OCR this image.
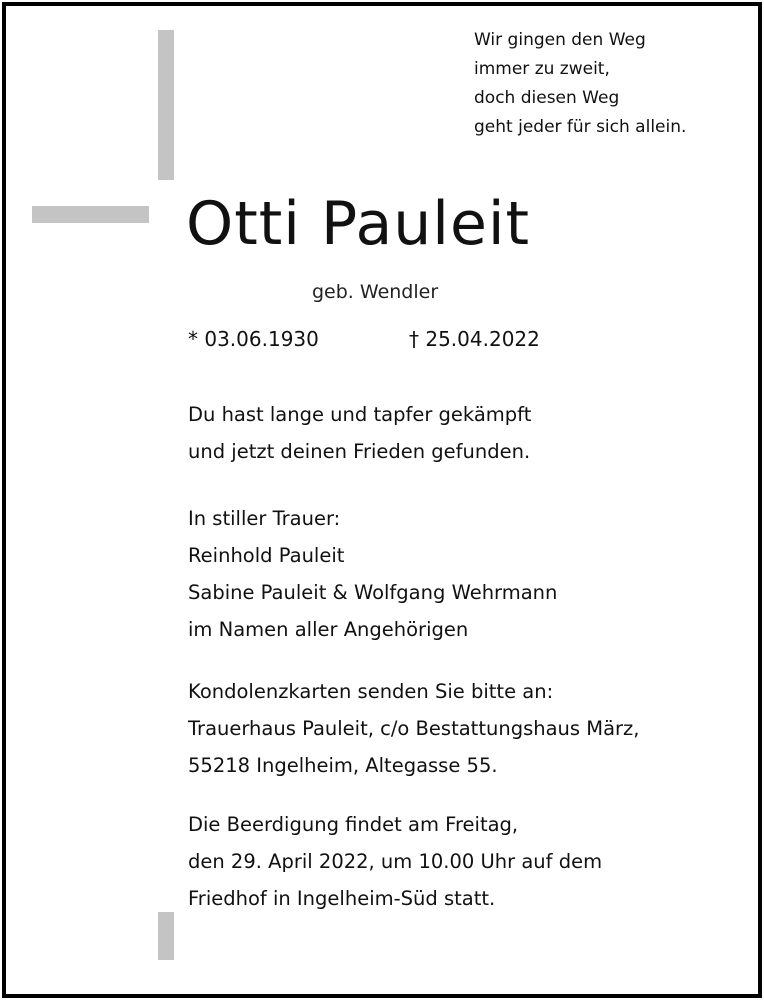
Wir gingen den Weg
immer zu zweit,
doch diesen Weg
geht jeder für sich allein.
Otti Pauleit
geb. Wendler
* 03.06.1930	† 25.04.2022
Du hast lange und tapfer gekämpft
und jetzt deinen Frieden gefunden.
In stiller Trauer:
Reinhold Pauleit
Sabine Pauleit & Wolfgang Wehrmann
im Namen aller Angehörigen
Kondolenzkarten senden Sie bitte an:
Trauerhaus Pauleit, c/o Bestattungshaus März,
55218 Ingelheim, Altegasse 55.
Die Beerdigung findet am Freitag,
den 29. April 2022, um 10.00 Uhr auf dem
Friedhof in Ingelheim-Süd statt.
